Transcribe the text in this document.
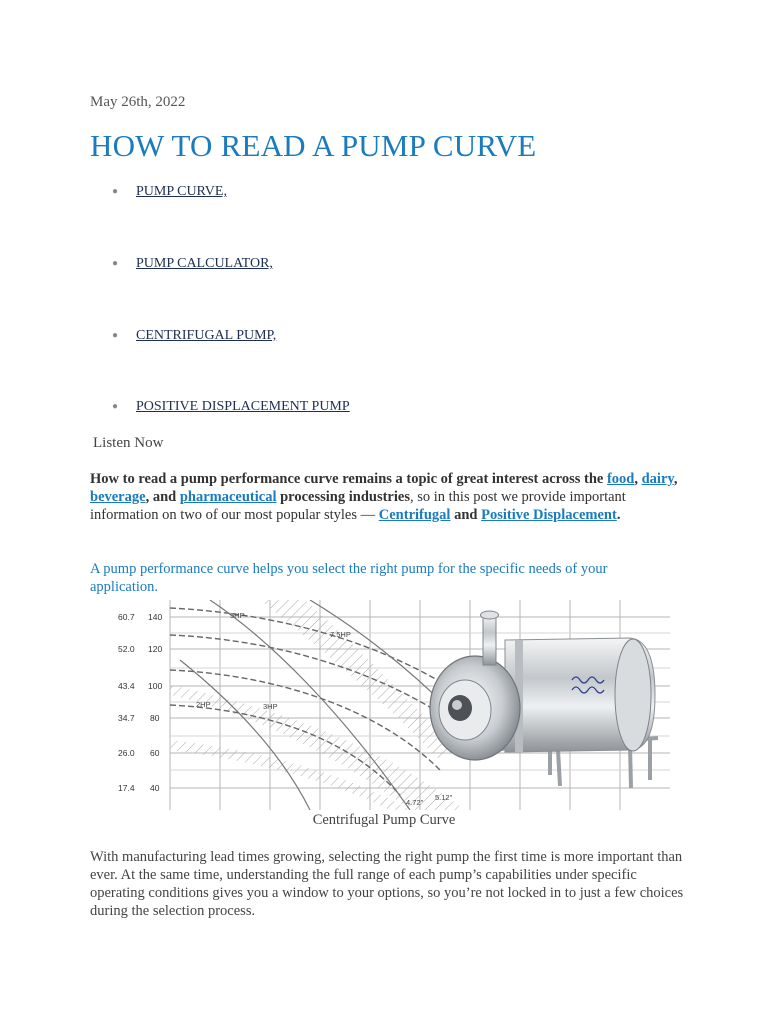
May 26th, 2022
HOW TO READ A PUMP CURVE
● PUMP CURVE,
● PUMP CALCULATOR,
● CENTRIFUGAL PUMP,
● POSITIVE DISPLACEMENT PUMP
Listen Now

How to read a pump performance curve remains a topic of great interest across the food, dairy, beverage, and pharmaceutical processing industries, so in this post we provide important information on two of our most popular styles — Centrifugal and Positive Displacement.

A pump performance curve helps you select the right pump for the specific needs of your application.

60.7
52.0
43.4
34.7
26.0
17.4
140
120
100
80
60
40
5HP
7.5HP
2HP	3HP
4.72"
5.12"
Centrifugal Pump Curve

With manufacturing lead times growing, selecting the right pump the first time is more important than ever. At the same time, understanding the full range of each pump’s capabilities under specific operating conditions gives you a window to your options, so you’re not locked in to just a few choices during the selection process.
